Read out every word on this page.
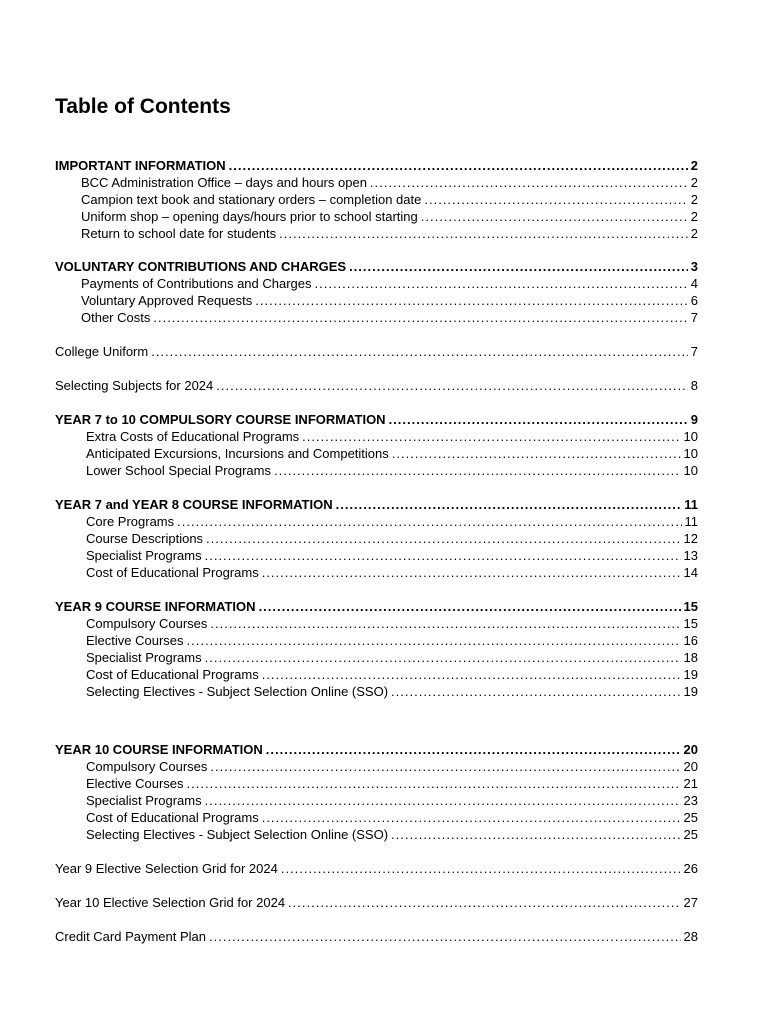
Table of Contents
IMPORTANT INFORMATION .....	2
BCC Administration Office – days and hours open .....	2
Campion text book and stationary orders – completion date .....	2
Uniform shop – opening days/hours prior to school starting .....	2
Return to school date for students .....	2
VOLUNTARY CONTRIBUTIONS AND CHARGES .....	3
Payments of Contributions and Charges .....	4
Voluntary Approved Requests .....	6
Other Costs .....	7
College Uniform .....	7
Selecting Subjects for 2024 .....	8
YEAR 7 to 10 COMPULSORY COURSE INFORMATION .....	9
Extra Costs of Educational Programs .....	10
Anticipated Excursions, Incursions and Competitions .....	10
Lower School Special Programs .....	10
YEAR 7 and YEAR 8 COURSE INFORMATION .....	11
Core Programs .....	11
Course Descriptions .....	12
Specialist Programs .....	13
Cost of Educational Programs .....	14
YEAR 9 COURSE INFORMATION .....	15
Compulsory Courses .....	15
Elective Courses .....	16
Specialist Programs .....	18
Cost of Educational Programs .....	19
Selecting Electives - Subject Selection Online (SSO) .....	19
YEAR 10 COURSE INFORMATION .....	20
Compulsory Courses .....	20
Elective Courses .....	21
Specialist Programs .....	23
Cost of Educational Programs .....	25
Selecting Electives - Subject Selection Online (SSO) .....	25
Year 9 Elective Selection Grid for 2024 .....	26
Year 10 Elective Selection Grid for 2024 .....	27
Credit Card Payment Plan .....	28
